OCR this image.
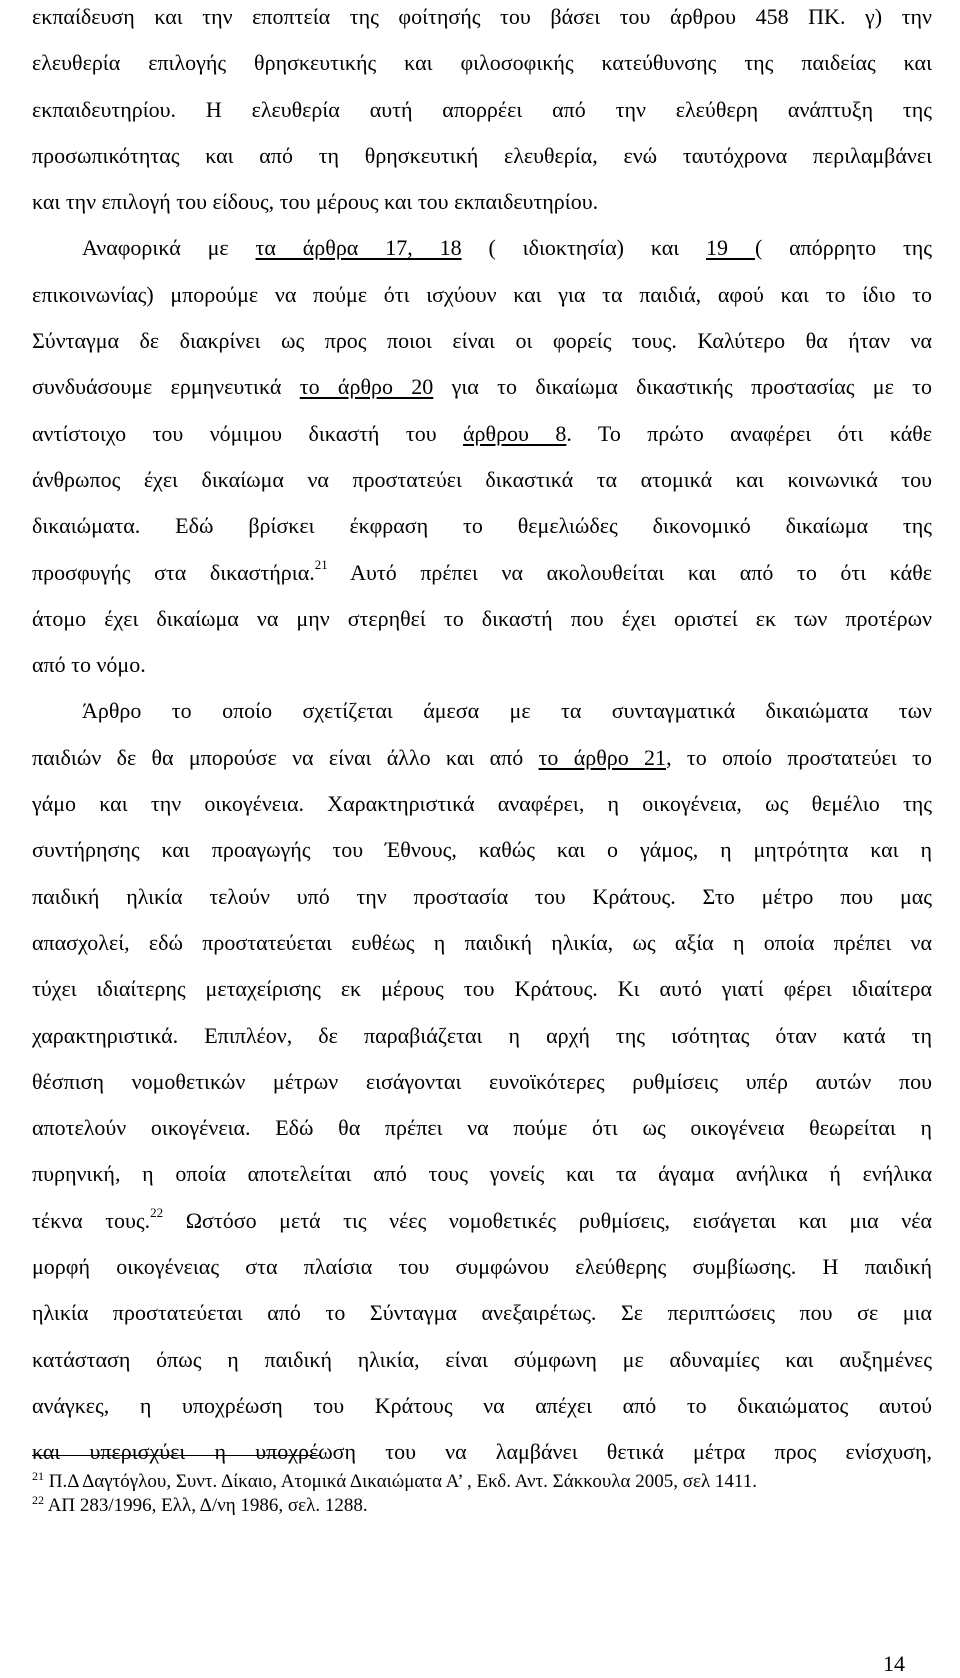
εκπαίδευση και την εποπτεία της φοίτησής του βάσει του άρθρου 458 ΠΚ. γ) την
ελευθερία επιλογής θρησκευτικής και φιλοσοφικής κατεύθυνσης της παιδείας και
εκπαιδευτηρίου. Η ελευθερία αυτή απορρέει από την ελεύθερη ανάπτυξη της
προσωπικότητας και από τη θρησκευτική ελευθερία, ενώ ταυτόχρονα περιλαμβάνει
και την επιλογή του είδους, του μέρους και του εκπαιδευτηρίου.
Αναφορικά με τα άρθρα 17, 18 ( ιδιοκτησία) και 19 ( απόρρητο της
επικοινωνίας) μπορούμε να πούμε ότι ισχύουν και για τα παιδιά, αφού και το ίδιο το
Σύνταγμα δε διακρίνει ως προς ποιοι είναι οι φορείς τους. Καλύτερο θα ήταν να
συνδυάσουμε ερμηνευτικά το άρθρο 20 για το δικαίωμα δικαστικής προστασίας με το
αντίστοιχο του νόμιμου δικαστή του άρθρου 8. Το πρώτο αναφέρει ότι κάθε
άνθρωπος έχει δικαίωμα να προστατεύει δικαστικά τα ατομικά και κοινωνικά του
δικαιώματα. Εδώ βρίσκει έκφραση το θεμελιώδες δικονομικό δικαίωμα της
προσφυγής στα δικαστήρια.$^{21}$ Αυτό πρέπει να ακολουθείται και από το ότι κάθε
άτομο έχει δικαίωμα να μην στερηθεί το δικαστή που έχει οριστεί εκ των προτέρων
από το νόμο.
Άρθρο το οποίο σχετίζεται άμεσα με τα συνταγματικά δικαιώματα των
παιδιών δε θα μπορούσε να είναι άλλο και από το άρθρο 21, το οποίο προστατεύει το
γάμο και την οικογένεια. Χαρακτηριστικά αναφέρει, η οικογένεια, ως θεμέλιο της
συντήρησης και προαγωγής του Έθνους, καθώς και ο γάμος, η μητρότητα και η
παιδική ηλικία τελούν υπό την προστασία του Κράτους. Στο μέτρο που μας
απασχολεί, εδώ προστατεύεται ευθέως η παιδική ηλικία, ως αξία η οποία πρέπει να
τύχει ιδιαίτερης μεταχείρισης εκ μέρους του Κράτους. Κι αυτό γιατί φέρει ιδιαίτερα
χαρακτηριστικά. Επιπλέον, δε παραβιάζεται η αρχή της ισότητας όταν κατά τη
θέσπιση νομοθετικών μέτρων εισάγονται ευνοϊκότερες ρυθμίσεις υπέρ αυτών που
αποτελούν οικογένεια. Εδώ θα πρέπει να πούμε ότι ως οικογένεια θεωρείται η
πυρηνική, η οποία αποτελείται από τους γονείς και τα άγαμα ανήλικα ή ενήλικα
τέκνα τους.$^{22}$ Ωστόσο μετά τις νέες νομοθετικές ρυθμίσεις, εισάγεται και μια νέα
μορφή οικογένειας στα πλαίσια του συμφώνου ελεύθερης συμβίωσης. Η παιδική
ηλικία προστατεύεται από το Σύνταγμα ανεξαιρέτως. Σε περιπτώσεις που σε μια
κατάσταση όπως η παιδική ηλικία, είναι σύμφωνη με αδυναμίες και αυξημένες
ανάγκες, η υποχρέωση του Κράτους να απέχει από το δικαιώματος αυτού
και υπερισχύει η υποχρέωση του να λαμβάνει θετικά μέτρα προς ενίσχυση,
$^{21}$ Π.Δ Δαγτόγλου, Συντ. Δίκαιο, Ατομικά Δικαιώματα Α’ , Εκδ. Αντ. Σάκκουλα 2005, σελ 1411.
$^{22}$ ΑΠ 283/1996, Ελλ, Δ/νη 1986, σελ. 1288.
14
